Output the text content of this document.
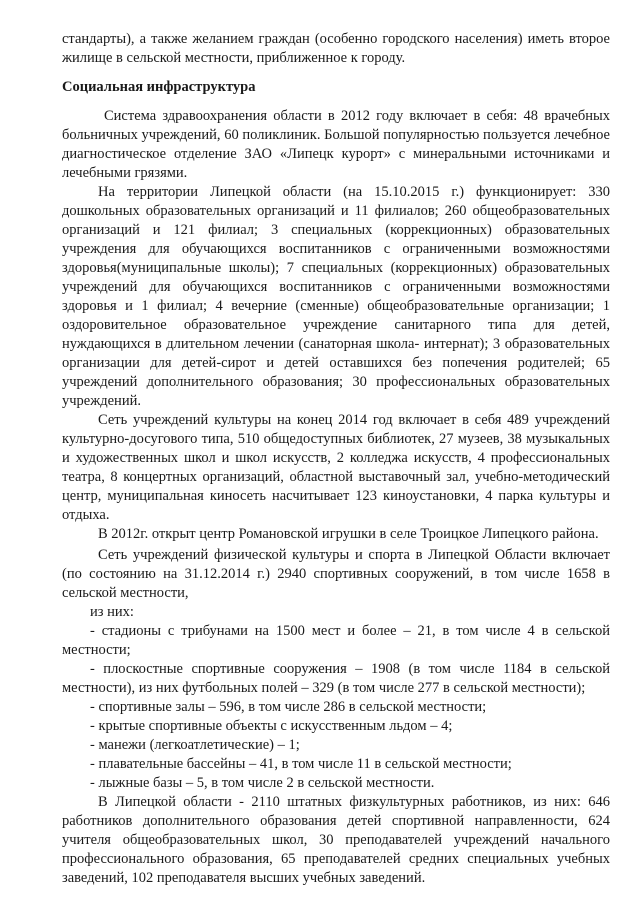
стандарты), а также желанием граждан (особенно городского населения) иметь второе жилище в сельской местности, приближенное к городу.

Социальная инфраструктура

Система здравоохранения области в 2012 году включает в себя: 48 врачебных больничных учреждений, 60 поликлиник. Большой популярностью пользуется лечебное диагностическое отделение ЗАО «Липецк курорт» с минеральными источниками и лечебными грязями.

На территории Липецкой области (на 15.10.2015 г.) функционирует: 330 дошкольных образовательных организаций и 11 филиалов; 260 общеобразовательных организаций и 121 филиал; 3 специальных (коррекционных) образовательных учреждения для обучающихся воспитанников с ограниченными возможностями здоровья(муниципальные школы); 7 специальных (коррекционных) образовательных учреждений для обучающихся воспитанников с ограниченными возможностями здоровья и 1 филиал; 4 вечерние (сменные) общеобразовательные организации; 1 оздоровительное образовательное учреждение санитарного типа для детей, нуждающихся в длительном лечении (санаторная школа- интернат); 3 образовательных организации для детей-сирот и детей оставшихся без попечения родителей; 65 учреждений дополнительного образования; 30 профессиональных образовательных учреждений.

Сеть учреждений культуры на конец 2014 год включает в себя 489 учреждений культурно-досугового типа, 510 общедоступных библиотек, 27 музеев, 38 музыкальных и художественных школ и школ искусств, 2 колледжа искусств, 4 профессиональных театра, 8 концертных организаций, областной выставочный зал, учебно-методический центр, муниципальная киносеть насчитывает 123 киноустановки, 4 парка культуры и отдыха.

В 2012г. открыт центр Романовской игрушки в селе Троицкое Липецкого района.

Сеть учреждений физической культуры и спорта в Липецкой Области включает (по состоянию на 31.12.2014 г.) 2940 спортивных сооружений, в том числе 1658 в сельской местности,

из них:

- стадионы с трибунами на 1500 мест и более – 21, в том числе 4 в сельской местности;

- плоскостные спортивные сооружения – 1908 (в том числе 1184 в сельской местности), из них футбольных полей – 329 (в том числе 277 в сельской местности);

- спортивные залы – 596, в том числе 286 в сельской местности;

- крытые спортивные объекты с искусственным льдом – 4;

- манежи (легкоатлетические) – 1;

- плавательные бассейны – 41, в том числе 11 в сельской местности;

- лыжные базы – 5, в том числе 2 в сельской местности.

В Липецкой области - 2110 штатных физкультурных работников, из них: 646 работников дополнительного образования детей спортивной направленности, 624 учителя общеобразовательных школ, 30 преподавателей учреждений начального профессионального образования, 65 преподавателей средних специальных учебных заведений, 102 преподавателя высших учебных заведений.
